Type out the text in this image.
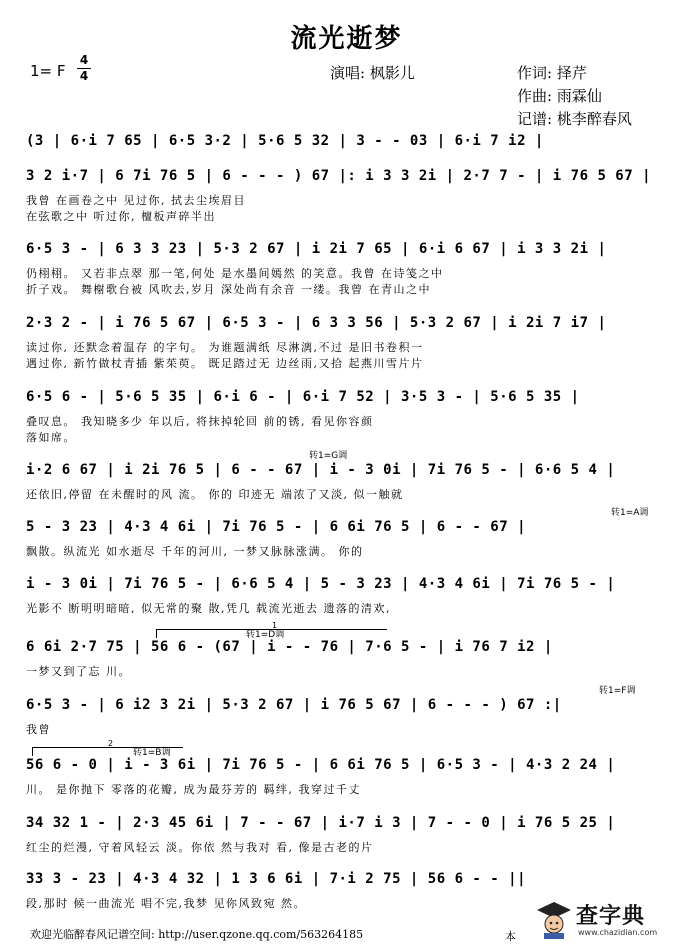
流光逝梦
1= F
4
4	演唱: 枫影儿	作词: 择芹
作曲: 雨霖仙
记谱: 桃李醉春风
(3 | 6·i 7 65 | 6·5 3·2 | 5·6 5 32 | 3 - - 03 | 6·i 7 i2 |
3 2 i·7 | 6 7i 76 5 | 6 - - - ) 67 |: i 3 3 2i | 2·7 7 - | i 76 5 67 |
我曾 在画卷之中 见过你, 拭去尘埃眉目
在弦歌之中 听过你, 檀板声碎半出
6·5 3 - | 6 3 3 23 | 5·3 2 67 | i 2i 7 65 | 6·i 6 67 | i 3 3 2i |
仍栩栩。 又若非点翠 那一笔,何处 是水墨间嫣然 的笑意。我曾 在诗笺之中
折子戏。 舞榭歌台被 风吹去,岁月 深处尚有余音 一缕。我曾 在青山之中
2·3 2 - | i 76 5 67 | 6·5 3 - | 6 3 3 56 | 5·3 2 67 | i 2i 7 i7 |
读过你, 还默念着温存 的字句。 为谁题满纸 尽淋漓,不过 是旧书卷积一
遇过你, 新竹做杖青插 紫茱萸。 既足踏过无 边丝雨,又拾 起燕川雪片片
6·5 6 - | 5·6 5 35 | 6·i 6 - | 6·i 7 52 | 3·5 3 - | 5·6 5 35 |
叠叹息。 我知晓多少 年以后, 将抹掉轮回 前的锈, 看见你容颜
落如席。
i·2 6 67 | i 2i 76 5 | 6 - - 67 | i - 3 0i | 7i 76 5 - | 6·6 5 4 |
还依旧,停留 在未醒时的风 流。 你的 印迹无 端浓了又淡, 似一触就
转1=G调
5 - 3 23 | 4·3 4 6i | 7i 76 5 - | 6 6i 76 5 | 6 - - 67 |
飘散。纵流光 如水逝尽 千年的河川, 一梦又脉脉涨满。 你的
转1=A调
i - 3 0i | 7i 76 5 - | 6·6 5 4 | 5 - 3 23 | 4·3 4 6i | 7i 76 5 - |
光影不 断明明暗暗, 似无常的聚 散,凭几 载流光逝去 遗落的清欢,
6 6i 2·7 75 | 56 6 - (67 | i - - 76 | 7·6 5 - | i 76 7 i2 |
一梦又到了忘 川。
转1=D调
1
6·5 3 - | 6 i2 3 2i | 5·3 2 67 | i 76 5 67 | 6 - - - ) 67 :|
我曾
转1=F调
56 6 - 0 | i - 3 6i | 7i 76 5 - | 6 6i 76 5 | 6·5 3 - | 4·3 2 24 |
川。 是你抛下 零落的花瓣, 成为最芬芳的 羁绊, 我穿过千丈
转1=B调
2
34 32 1 - | 2·3 45 6i | 7 - - 67 | i·7 i 3 | 7 - - 0 | i 76 5 25 |
红尘的烂漫, 守着风轻云 淡。你依 然与我对 看, 像是古老的片
33 3 - 23 | 4·3 4 32 | 1 3 6 6i | 7·i 2 75 | 56 6 - - ||
段,那时 候一曲流光 唱不完,我梦 见你风致宛 然。
欢迎光临醉春风记谱空间: http://user.qzone.qq.com/563264185	本
查字典
www.chazidian.com
